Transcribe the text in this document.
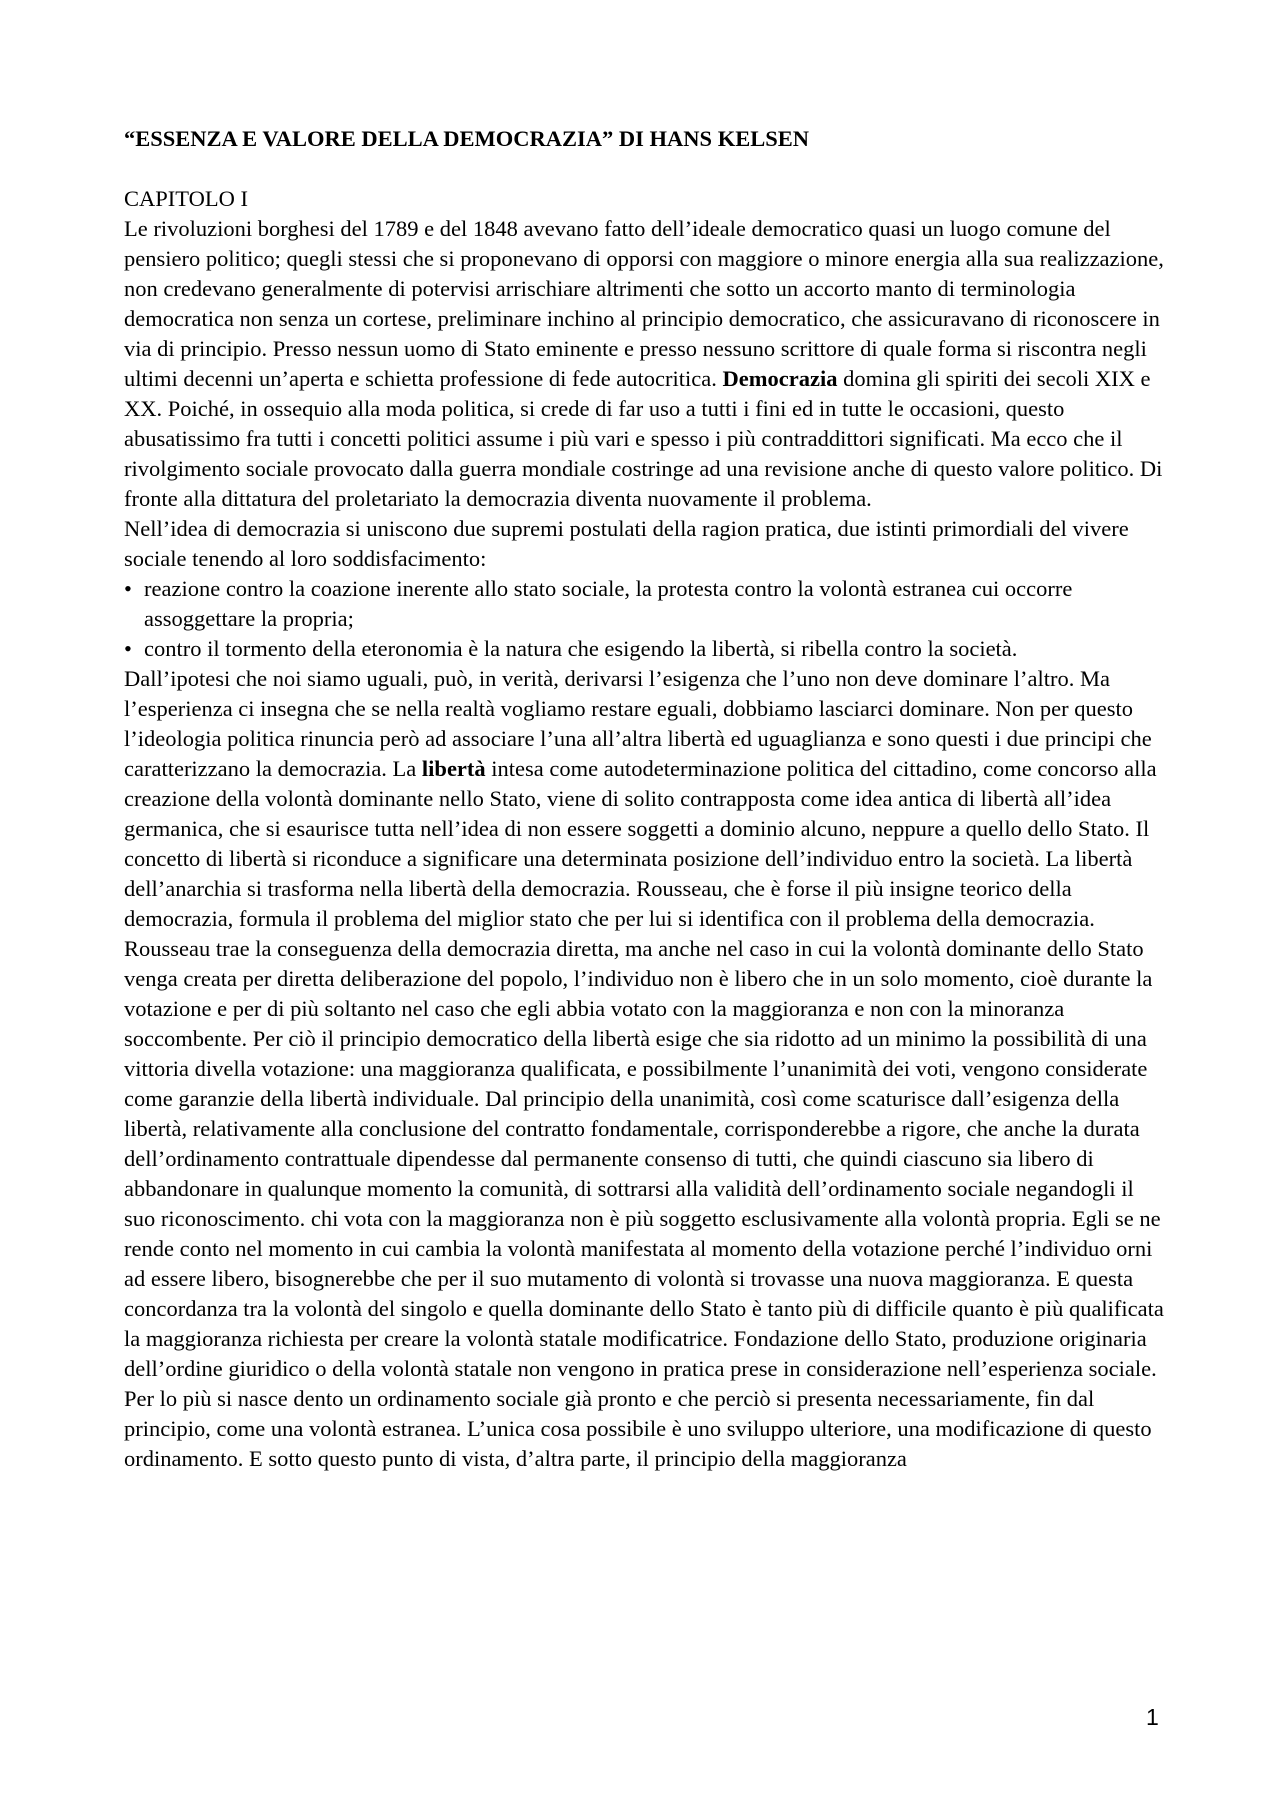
“ESSENZA E VALORE DELLA DEMOCRAZIA” DI HANS KELSEN

CAPITOLO I

Le rivoluzioni borghesi del 1789 e del 1848 avevano fatto dell’ideale democratico quasi un luogo comune del pensiero politico; quegli stessi che si proponevano di opporsi con maggiore o minore energia alla sua realizzazione, non credevano generalmente di potervisi arrischiare altrimenti che sotto un accorto manto di terminologia democratica non senza un cortese, preliminare inchino al principio democratico, che assicuravano di riconoscere in via di principio. Presso nessun uomo di Stato eminente e presso nessuno scrittore di quale forma si riscontra negli ultimi decenni un’aperta e schietta professione di fede autocritica. Democrazia domina gli spiriti dei secoli XIX e XX. Poiché, in ossequio alla moda politica, si crede di far uso a tutti i fini ed in tutte le occasioni, questo abusatissimo fra tutti i concetti politici assume i più vari e spesso i più contraddittori significati. Ma ecco che il rivolgimento sociale provocato dalla guerra mondiale costringe ad una revisione anche di questo valore politico. Di fronte alla dittatura del proletariato la democrazia diventa nuovamente il problema.

Nell’idea di democrazia si uniscono due supremi postulati della ragion pratica, due istinti primordiali del vivere sociale tenendo al loro soddisfacimento:

• reazione contro la coazione inerente allo stato sociale, la protesta contro la volontà estranea cui occorre assoggettare la propria;
• contro il tormento della eteronomia è la natura che esigendo la libertà, si ribella contro la società.

Dall’ipotesi che noi siamo uguali, può, in verità, derivarsi l’esigenza che l’uno non deve dominare l’altro. Ma l’esperienza ci insegna che se nella realtà vogliamo restare eguali, dobbiamo lasciarci dominare. Non per questo l’ideologia politica rinuncia però ad associare l’una all’altra libertà ed uguaglianza e sono questi i due principi che caratterizzano la democrazia. La libertà intesa come autodeterminazione politica del cittadino, come concorso alla creazione della volontà dominante nello Stato, viene di solito contrapposta come idea antica di libertà all’idea germanica, che si esaurisce tutta nell’idea di non essere soggetti a dominio alcuno, neppure a quello dello Stato. Il concetto di libertà si riconduce a significare una determinata posizione dell’individuo entro la società. La libertà dell’anarchia si trasforma nella libertà della democrazia. Rousseau, che è forse il più insigne teorico della democrazia, formula il problema del miglior stato che per lui si identifica con il problema della democrazia. Rousseau trae la conseguenza della democrazia diretta, ma anche nel caso in cui la volontà dominante dello Stato venga creata per diretta deliberazione del popolo, l’individuo non è libero che in un solo momento, cioè durante la votazione e per di più soltanto nel caso che egli abbia votato con la maggioranza e non con la minoranza soccombente. Per ciò il principio democratico della libertà esige che sia ridotto ad un minimo la possibilità di una vittoria divella votazione: una maggioranza qualificata, e possibilmente l’unanimità dei voti, vengono considerate come garanzie della libertà individuale. Dal principio della unanimità, così come scaturisce dall’esigenza della libertà, relativamente alla conclusione del contratto fondamentale, corrisponderebbe a rigore, che anche la durata dell’ordinamento contrattuale dipendesse dal permanente consenso di tutti, che quindi ciascuno sia libero di abbandonare in qualunque momento la comunità, di sottrarsi alla validità dell’ordinamento sociale negandogli il suo riconoscimento. chi vota con la maggioranza non è più soggetto esclusivamente alla volontà propria. Egli se ne rende conto nel momento in cui cambia la volontà manifestata al momento della votazione perché l’individuo orni ad essere libero, bisognerebbe che per il suo mutamento di volontà si trovasse una nuova maggioranza. E questa concordanza tra la volontà del singolo e quella dominante dello Stato è tanto più di difficile quanto è più qualificata la maggioranza richiesta per creare la volontà statale modificatrice. Fondazione dello Stato, produzione originaria dell’ordine giuridico o della volontà statale non vengono in pratica prese in considerazione nell’esperienza sociale. Per lo più si nasce dento un ordinamento sociale già pronto e che perciò si presenta necessariamente, fin dal principio, come una volontà estranea. L’unica cosa possibile è uno sviluppo ulteriore, una modificazione di questo ordinamento. E sotto questo punto di vista, d’altra parte, il principio della maggioranza

1
